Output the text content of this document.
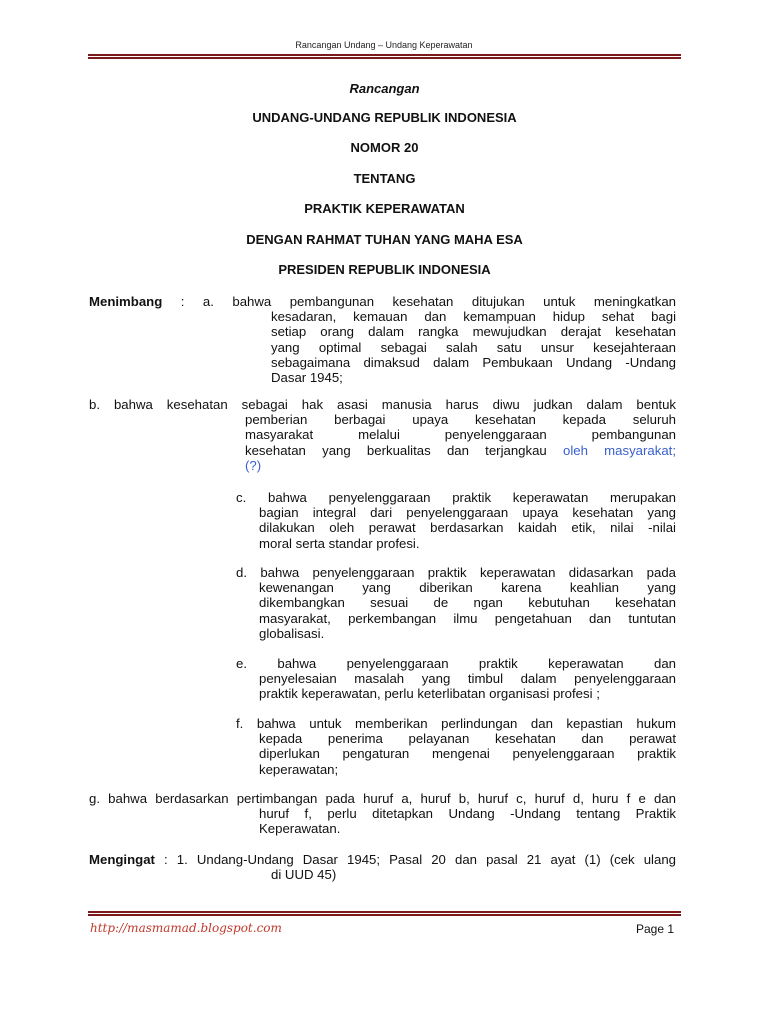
Rancangan Undang – Undang Keperawatan
Rancangan
UNDANG-UNDANG REPUBLIK INDONESIA
NOMOR 20
TENTANG
PRAKTIK KEPERAWATAN
DENGAN RAHMAT TUHAN YANG MAHA ESA
PRESIDEN REPUBLIK INDONESIA
Menimbang : a. bahwa pembangunan kesehatan ditujukan untuk meningkatkan
kesadaran, kemauan dan kemampuan hidup sehat bagi
setiap orang dalam rangka mewujudkan derajat kesehatan
yang optimal sebagai salah satu unsur kesejahteraan
sebagaimana dimaksud dalam Pembukaan Undang -Undang
Dasar 1945;
b. bahwa kesehatan sebagai hak asasi manusia harus diwu judkan dalam bentuk
pemberian berbagai upaya kesehatan kepada seluruh
masyarakat melalui penyelenggaraan pembangunan
kesehatan yang berkualitas dan terjangkau oleh masyarakat;
(?)
c. bahwa penyelenggaraan praktik keperawatan merupakan
bagian integral dari penyelenggaraan upaya kesehatan yang
dilakukan oleh perawat berdasarkan kaidah etik, nilai -nilai
moral serta standar profesi.
d. bahwa penyelenggaraan praktik keperawatan didasarkan pada
kewenangan yang diberikan karena keahlian yang
dikembangkan sesuai de ngan kebutuhan kesehatan
masyarakat, perkembangan ilmu pengetahuan dan tuntutan
globalisasi.
e. bahwa penyelenggaraan praktik keperawatan dan
penyelesaian masalah yang timbul dalam penyelenggaraan
praktik keperawatan, perlu keterlibatan organisasi profesi ;
f. bahwa untuk memberikan perlindungan dan kepastian hukum
kepada penerima pelayanan kesehatan dan perawat
diperlukan pengaturan mengenai penyelenggaraan praktik
keperawatan;
g. bahwa berdasarkan pertimbangan pada huruf a, huruf b, huruf c, huruf d, huru f e dan
huruf f, perlu ditetapkan Undang -Undang tentang Praktik
Keperawatan.
Mengingat : 1. Undang-Undang Dasar 1945; Pasal 20 dan pasal 21 ayat (1) (cek ulang
di UUD 45)
http://masmamad.blogspot.com	Page 1
